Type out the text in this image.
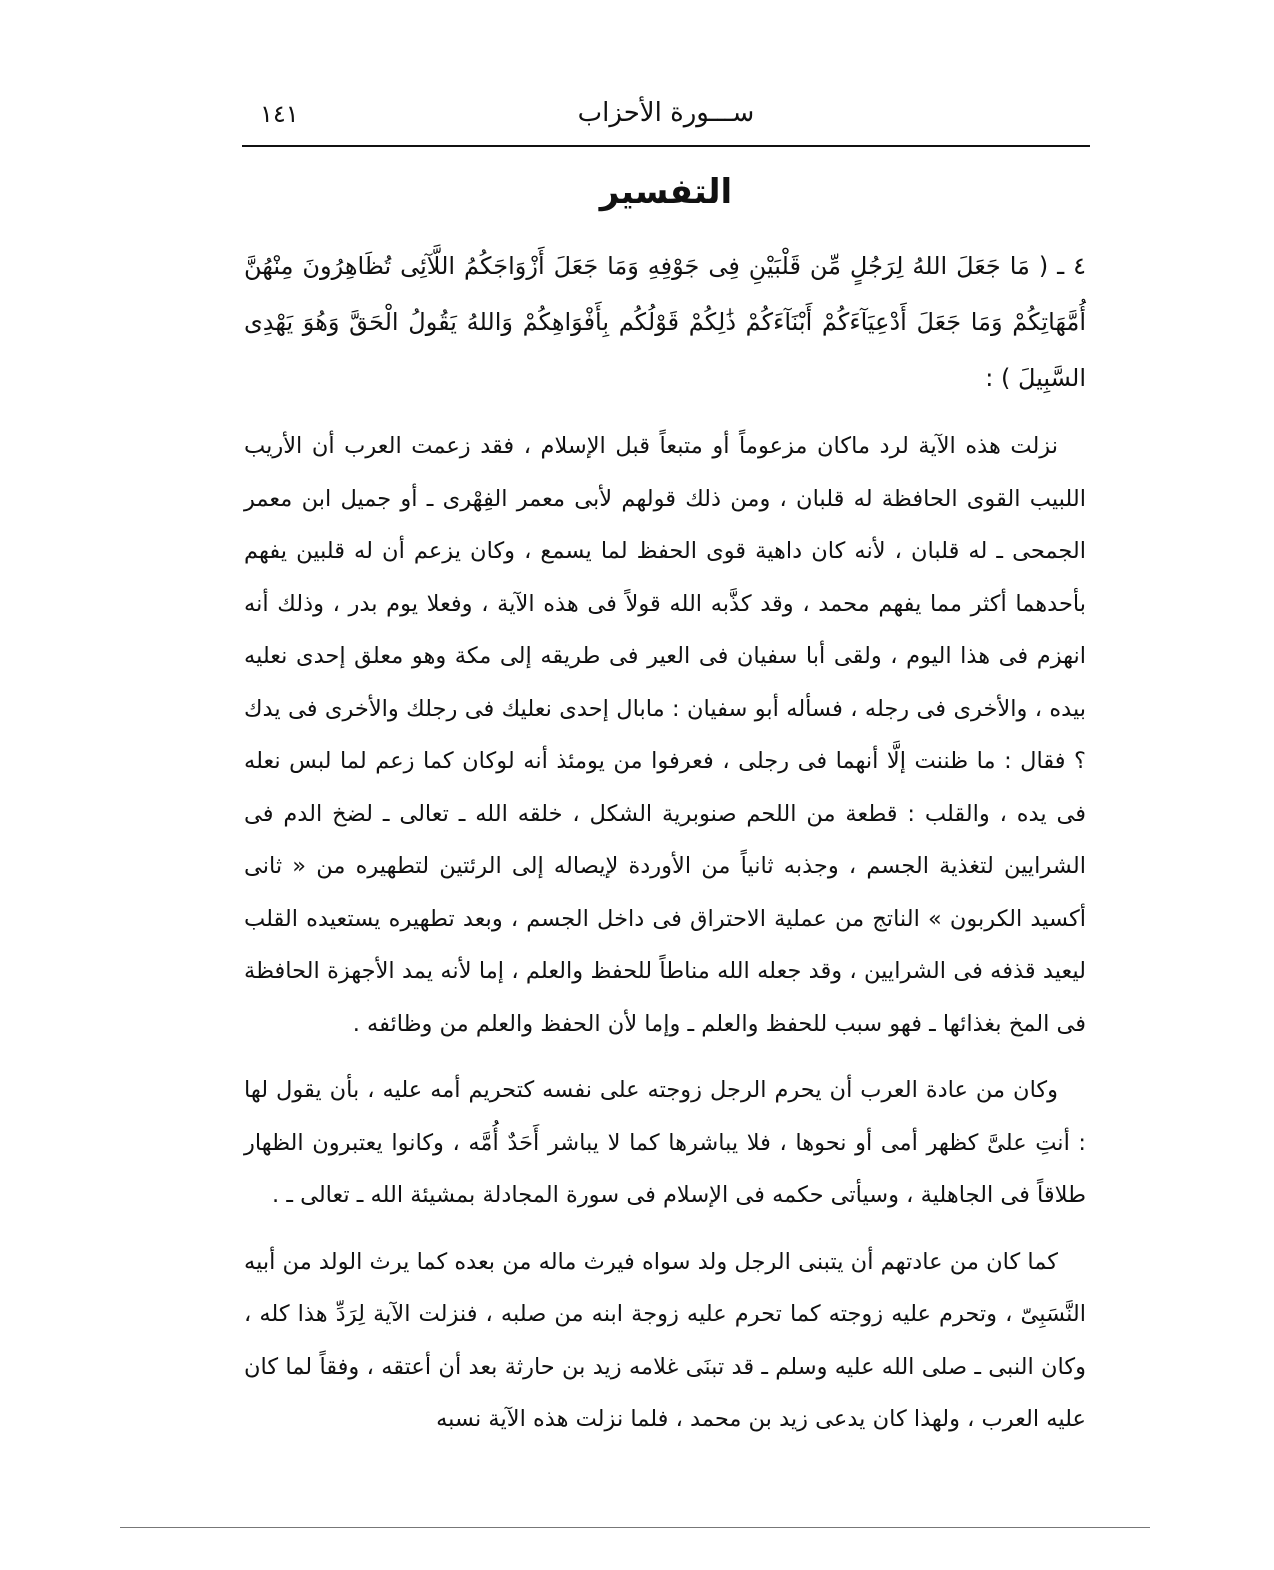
ســـورة الأحزاب
١٤١
التفسير

٤ ـ ( مَا جَعَلَ اللهُ لِرَجُلٍ مِّن قَلْبَيْنِ فِى جَوْفِهِ وَمَا جَعَلَ أَزْوَاجَكُمُ اللَّآئِى تُظَاهِرُونَ مِنْهُنَّ أُمَّهَاتِكُمْ وَمَا جَعَلَ أَدْعِيَآءَكُمْ أَبْنَآءَكُمْ ذَٰلِكُمْ قَوْلُكُم بِأَفْوَاهِكُمْ وَاللهُ يَقُولُ الْحَقَّ وَهُوَ يَهْدِى السَّبِيلَ ) :

نزلت هذه الآية لرد ماكان مزعوماً أو متبعاً قبل الإسلام ، فقد زعمت العرب أن الأريب اللبيب القوى الحافظة له قلبان ، ومن ذلك قولهم لأبى معمر الفِهْرى ـ أو جميل ابن معمر الجمحى ـ له قلبان ، لأنه كان داهية قوى الحفظ لما يسمع ، وكان يزعم أن له قلبين يفهم بأحدهما أكثر مما يفهم محمد ، وقد كذَّبه الله قولاً فى هذه الآية ، وفعلا يوم بدر ، وذلك أنه انهزم فى هذا اليوم ، ولقى أبا سفيان فى العير فى طريقه إلى مكة وهو معلق إحدى نعليه بيده ، والأخرى فى رجله ، فسأله أبو سفيان : مابال إحدى نعليك فى رجلك والأخرى فى يدك ؟ فقال : ما ظننت إلَّا أنهما فى رجلى ، فعرفوا من يومئذ أنه لوكان كما زعم لما لبس نعله فى يده ، والقلب : قطعة من اللحم صنوبرية الشكل ، خلقه الله ـ تعالى ـ لضخ الدم فى الشرايين لتغذية الجسم ، وجذبه ثانياً من الأوردة لإيصاله إلى الرئتين لتطهيره من « ثانى أكسيد الكربون » الناتج من عملية الاحتراق فى داخل الجسم ، وبعد تطهيره يستعيده القلب ليعيد قذفه فى الشرايين ، وقد جعله الله مناطاً للحفظ والعلم ، إما لأنه يمد الأجهزة الحافظة فى المخ بغذائها ـ فهو سبب للحفظ والعلم ـ وإما لأن الحفظ والعلم من وظائفه .

وكان من عادة العرب أن يحرم الرجل زوجته على نفسه كتحريم أمه عليه ، بأن يقول لها : أنتِ علىَّ كظهر أمى أو نحوها ، فلا يباشرها كما لا يباشر أَحَدٌ أُمَّه ، وكانوا يعتبرون الظهار طلاقاً فى الجاهلية ، وسيأتى حكمه فى الإسلام فى سورة المجادلة بمشيئة الله ـ تعالى ـ .

كما كان من عادتهم أن يتبنى الرجل ولد سواه فيرث ماله من بعده كما يرث الولد من أبيه النَّسَبِىّ ، وتحرم عليه زوجته كما تحرم عليه زوجة ابنه من صلبه ، فنزلت الآية لِرَدِّ هذا كله ، وكان النبى ـ صلى الله عليه وسلم ـ قد تبنَى غلامه زيد بن حارثة بعد أن أعتقه ، وفقاً لما كان عليه العرب ، ولهذا كان يدعى زيد بن محمد ، فلما نزلت هذه الآية نسبه
